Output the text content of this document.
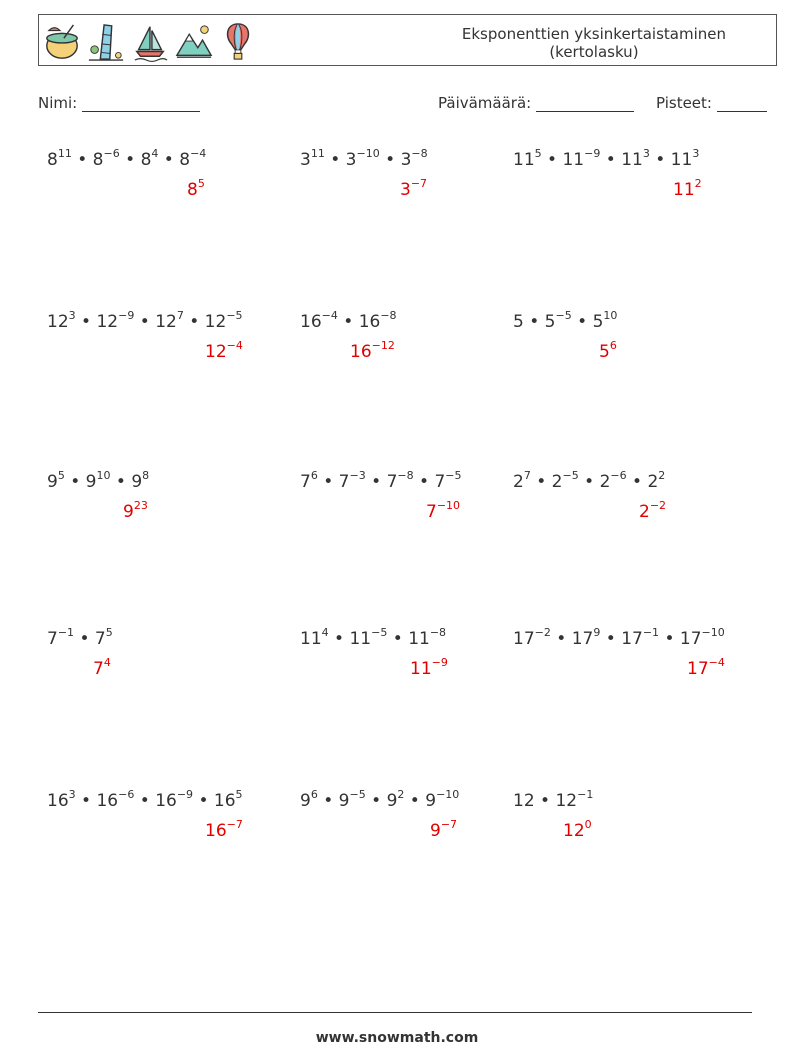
Eksponenttien yksinkertaistaminen
(kertolasku)
Nimi:	Päivämäärä:	Pisteet:
$8^{11}$ • $8^{-6}$ • $8^4$ • $8^{-4}$
$8^5$
$3^{11}$ • $3^{-10}$ • $3^{-8}$
$3^{-7}$
$11^5$ • $11^{-9}$ • $11^3$ • $11^3$
$11^2$
$12^3$ • $12^{-9}$ • $12^7$ • $12^{-5}$
$12^{-4}$
$16^{-4}$ • $16^{-8}$
$16^{-12}$
5 • $5^{-5}$ • $5^{10}$
$5^6$
$9^5$ • $9^{10}$ • $9^8$
$9^{23}$
$7^6$ • $7^{-3}$ • $7^{-8}$ • $7^{-5}$
$7^{-10}$
$2^7$ • $2^{-5}$ • $2^{-6}$ • $2^2$
$2^{-2}$
$7^{-1}$ • $7^5$
$7^4$
$11^4$ • $11^{-5}$ • $11^{-8}$
$11^{-9}$
$17^{-2}$ • $17^9$ • $17^{-1}$ • $17^{-10}$
$17^{-4}$
$16^3$ • $16^{-6}$ • $16^{-9}$ • $16^5$
$16^{-7}$
$9^6$ • $9^{-5}$ • $9^2$ • $9^{-10}$
$9^{-7}$
12 • $12^{-1}$
$12^0$
www.snowmath.com
